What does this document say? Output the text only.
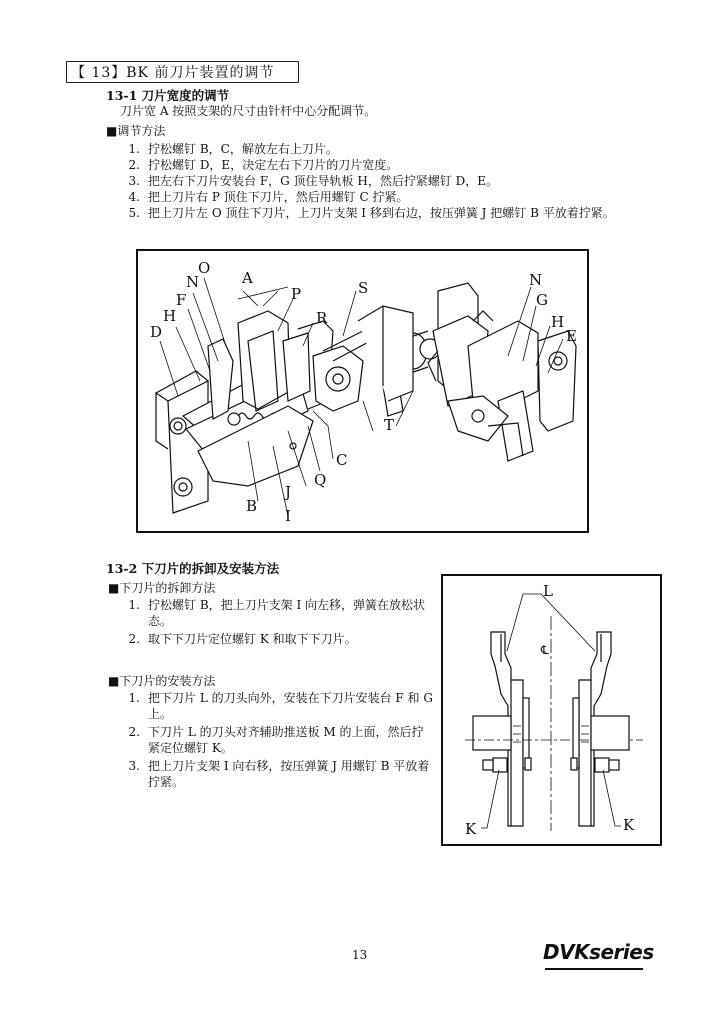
【 13】BK 前刀片装置的调节
13-1 刀片宽度的调节
刀片宽 A 按照支架的尺寸由针杆中心分配调节。
■调节方法
1. 拧松螺钉 B，C，解放左右上刀片。
2. 拧松螺钉 D，E，决定左右下刀片的刀片宽度。
3. 把左右下刀片安装台 F，G 顶住导轨板 H，然后拧紧螺钉 D，E。
4. 把上刀片右 P 顶住下刀片，然后用螺钉 C 拧紧。
5. 把上刀片左 O 顶住下刀片，上刀片支架 I 移到右边，按压弹簧 J 把螺钉 B 平放着拧紧。
O
N
F
H
D
A
P
R
S
T
C
Q
J
B
I
N
G
H
E
13-2 下刀片的拆卸及安装方法
■下刀片的拆卸方法
1. 拧松螺钉 B，把上刀片支架 I 向左移，弹簧在放松状态。
2. 取下下刀片定位螺钉 K 和取下下刀片。
■下刀片的安装方法
1. 把下刀片 L 的刀头向外，安装在下刀片安装台 F 和 G 上。
2. 下刀片 L 的刀头对齐辅助推送板 M 的上面，然后拧紧定位螺钉 K。
3. 把上刀片支架 I 向右移，按压弹簧 J 用螺钉 B 平放着拧紧。
L
℄
K	K
13	DVKseries
